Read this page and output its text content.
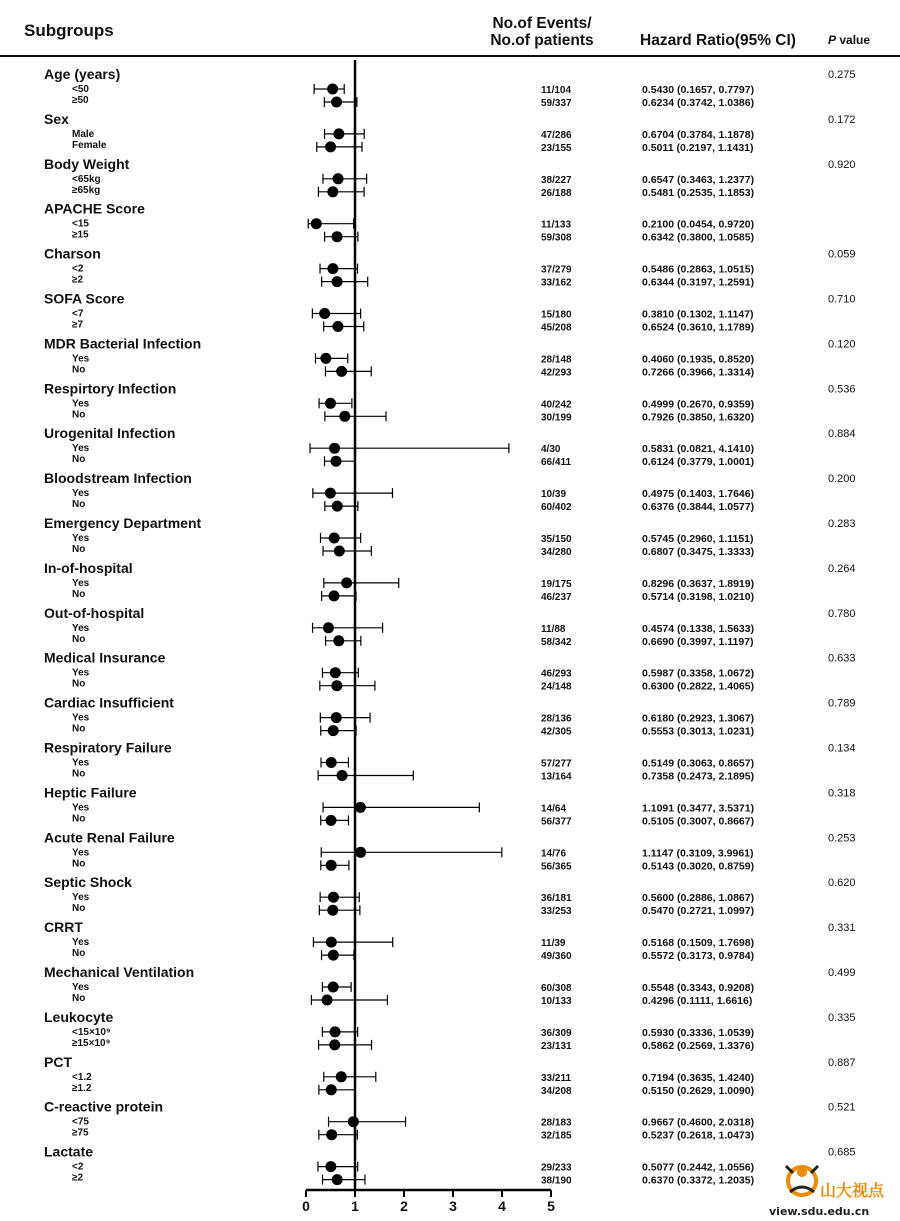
Subgroups	No.of Events/
No.of patients	Hazard Ratio(95% CI)	P value
Age (years)	0.275
<50	11/104	0.5430 (0.1657, 0.7797)
≥50	59/337	0.6234 (0.3742, 1.0386)
Sex	0.172
Male	47/286	0.6704 (0.3784, 1.1878)
Female	23/155	0.5011 (0.2197, 1.1431)
Body Weight	0.920
<65kg	38/227	0.6547 (0.3463, 1.2377)
≥65kg	26/188	0.5481 (0.2535, 1.1853)
APACHE Score
<15	11/133	0.2100 (0.0454, 0.9720)
≥15	59/308	0.6342 (0.3800, 1.0585)
Charson	0.059
<2	37/279	0.5486 (0.2863, 1.0515)
≥2	33/162	0.6344 (0.3197, 1.2591)
SOFA Score	0.710
<7	15/180	0.3810 (0.1302, 1.1147)
≥7	45/208	0.6524 (0.3610, 1.1789)
MDR Bacterial Infection	0.120
Yes	28/148	0.4060 (0.1935, 0.8520)
No	42/293	0.7266 (0.3966, 1.3314)
Respirtory Infection	0.536
Yes	40/242	0.4999 (0.2670, 0.9359)
No	30/199	0.7926 (0.3850, 1.6320)
Urogenital Infection	0.884
Yes	4/30	0.5831 (0.0821, 4.1410)
No	66/411	0.6124 (0.3779, 1.0001)
Bloodstream Infection	0.200
Yes	10/39	0.4975 (0.1403, 1.7646)
No	60/402	0.6376 (0.3844, 1.0577)
Emergency Department	0.283
Yes	35/150	0.5745 (0.2960, 1.1151)
No	34/280	0.6807 (0.3475, 1.3333)
In-of-hospital	0.264
Yes	19/175	0.8296 (0.3637, 1.8919)
No	46/237	0.5714 (0.3198, 1.0210)
Out-of-hospital	0.780
Yes	11/88	0.4574 (0.1338, 1.5633)
No	58/342	0.6690 (0.3997, 1.1197)
Medical Insurance	0.633
Yes	46/293	0.5987 (0.3358, 1.0672)
No	24/148	0.6300 (0.2822, 1.4065)
Cardiac Insufficient	0.789
Yes	28/136	0.6180 (0.2923, 1.3067)
No	42/305	0.5553 (0.3013, 1.0231)
Respiratory Failure	0.134
Yes	57/277	0.5149 (0.3063, 0.8657)
No	13/164	0.7358 (0.2473, 2.1895)
Heptic Failure	0.318
Yes	14/64	1.1091 (0.3477, 3.5371)
No	56/377	0.5105 (0.3007, 0.8667)
Acute Renal Failure	0.253
Yes	14/76	1.1147 (0.3109, 3.9961)
No	56/365	0.5143 (0.3020, 0.8759)
Septic Shock	0.620
Yes	36/181	0.5600 (0.2886, 1.0867)
No	33/253	0.5470 (0.2721, 1.0997)
CRRT	0.331
Yes	11/39	0.5168 (0.1509, 1.7698)
No	49/360	0.5572 (0.3173, 0.9784)
Mechanical Ventilation	0.499
Yes	60/308	0.5548 (0.3343, 0.9208)
No	10/133	0.4296 (0.1111, 1.6616)
Leukocyte	0.335
<15×10⁹	36/309	0.5930 (0.3336, 1.0539)
≥15×10⁹	23/131	0.5862 (0.2569, 1.3376)
PCT	0.887
<1.2	33/211	0.7194 (0.3635, 1.4240)
≥1.2	34/208	0.5150 (0.2629, 1.0090)
C-reactive protein	0.521
<75	28/183	0.9667 (0.4600, 2.0318)
≥75	32/185	0.5237 (0.2618, 1.0473)
Lactate	0.685
<2	29/233	0.5077 (0.2442, 1.0556)
≥2	38/190	0.6370 (0.3372, 1.2035)
0	1	2	3	4	5
山大视点
view.sdu.edu.cn
